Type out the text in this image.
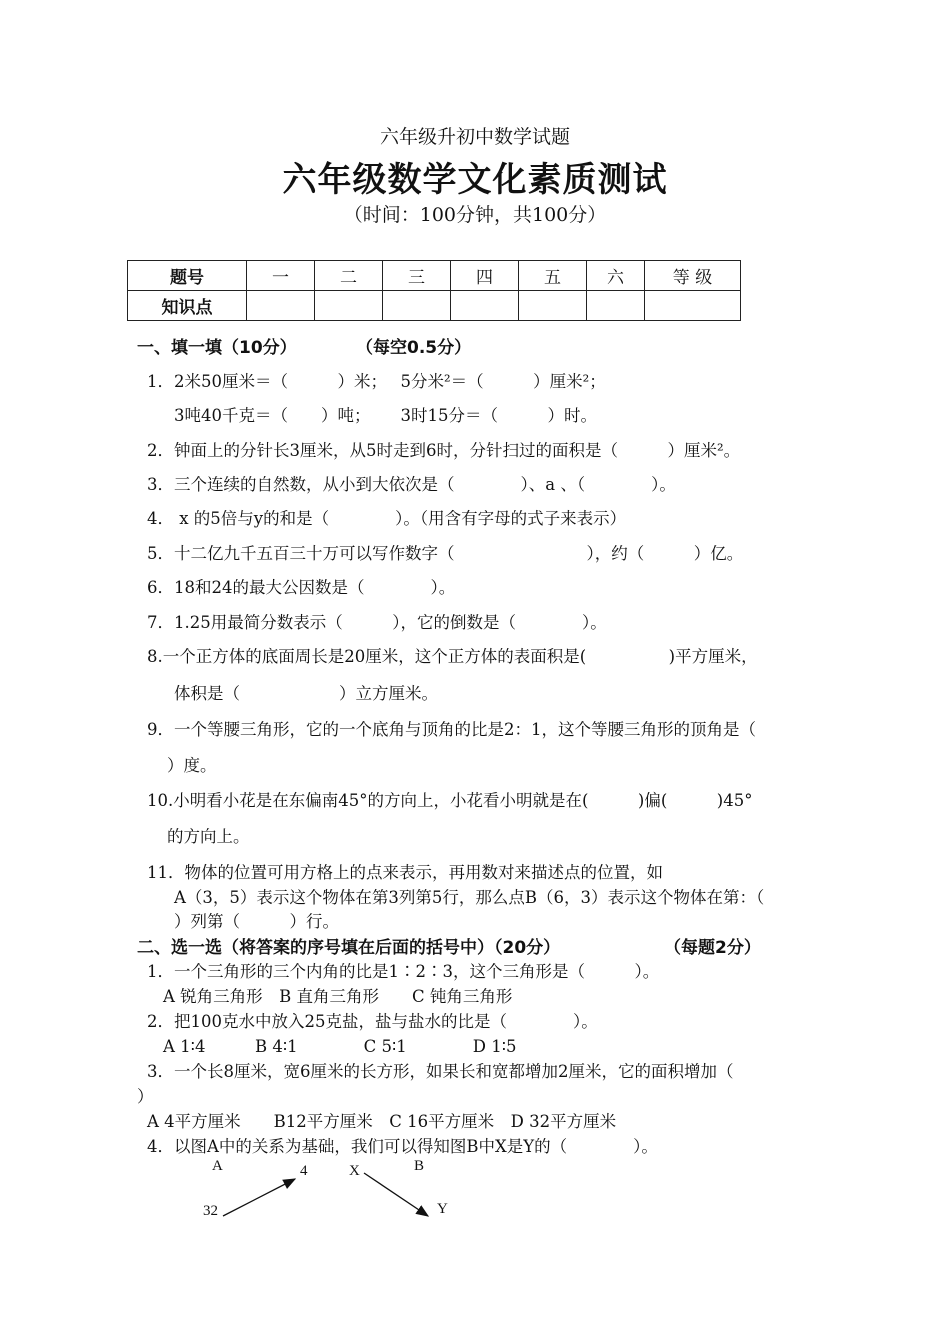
六年级升初中数学试题
六年级数学文化素质测试
（时间：100分钟，共100分）
题号	一	二	三	四	五	六	等 级
知识点							
一、填一填（10分）	（每空0.5分）
1．2米50厘米＝（　　　）米；　 5分米²＝（　　　）厘米²；
3吨40千克＝（　　）吨；　　 3时15分＝（　　　）时。
2．钟面上的分针长3厘米，从5时走到6时，分针扫过的面积是（　　　）厘米²。
3．三个连续的自然数，从小到大依次是（　　　　）、a 、（　　　　）。
4． x 的5倍与y的和是（　　　　）。（用含有字母的式子来表示）
5．十二亿九千五百三十万可以写作数字（　　　　　　　　），约（　　　）亿。
6．18和24的最大公因数是（　　　　）。
7．1.25用最简分数表示（　　　），它的倒数是（　　　　）。
8.一个正方体的底面周长是20厘米，这个正方体的表面积是(　　　　　)平方厘米，
体积是（　　　　　　）立方厘米。
9．一个等腰三角形，它的一个底角与顶角的比是2：1，这个等腰三角形的顶角是（
）度。
10.小明看小花是在东偏南45°的方向上，小花看小明就是在(　　　)偏(　　　)45°
的方向上。
11．物体的位置可用方格上的点来表示，再用数对来描述点的位置，如
A（3，5）表示这个物体在第3列第5行，那么点B（6，3）表示这个物体在第：（
）列第（　　　）行。
二、选一选（将答案的序号填在后面的括号中）（20分）	（每题2分）
1．一个三角形的三个内角的比是1∶2∶3，这个三角形是（　　　）。
A 锐角三角形　B 直角三角形　　C 钝角三角形
2．把100克水中放入25克盐，盐与盐水的比是（　　　　）。
A 1∶4　　　B 4∶1　　　　C 5∶1　　　　D 1∶5
3．一个长8厘米，宽6厘米的长方形，如果长和宽都增加2厘米，它的面积增加（
）
A 4平方厘米　　B12平方厘米　C 16平方厘米　D 32平方厘米
4．以图A中的关系为基础，我们可以得知图B中X是Y的（　　　　）。
A	B
4	X
32	Y
